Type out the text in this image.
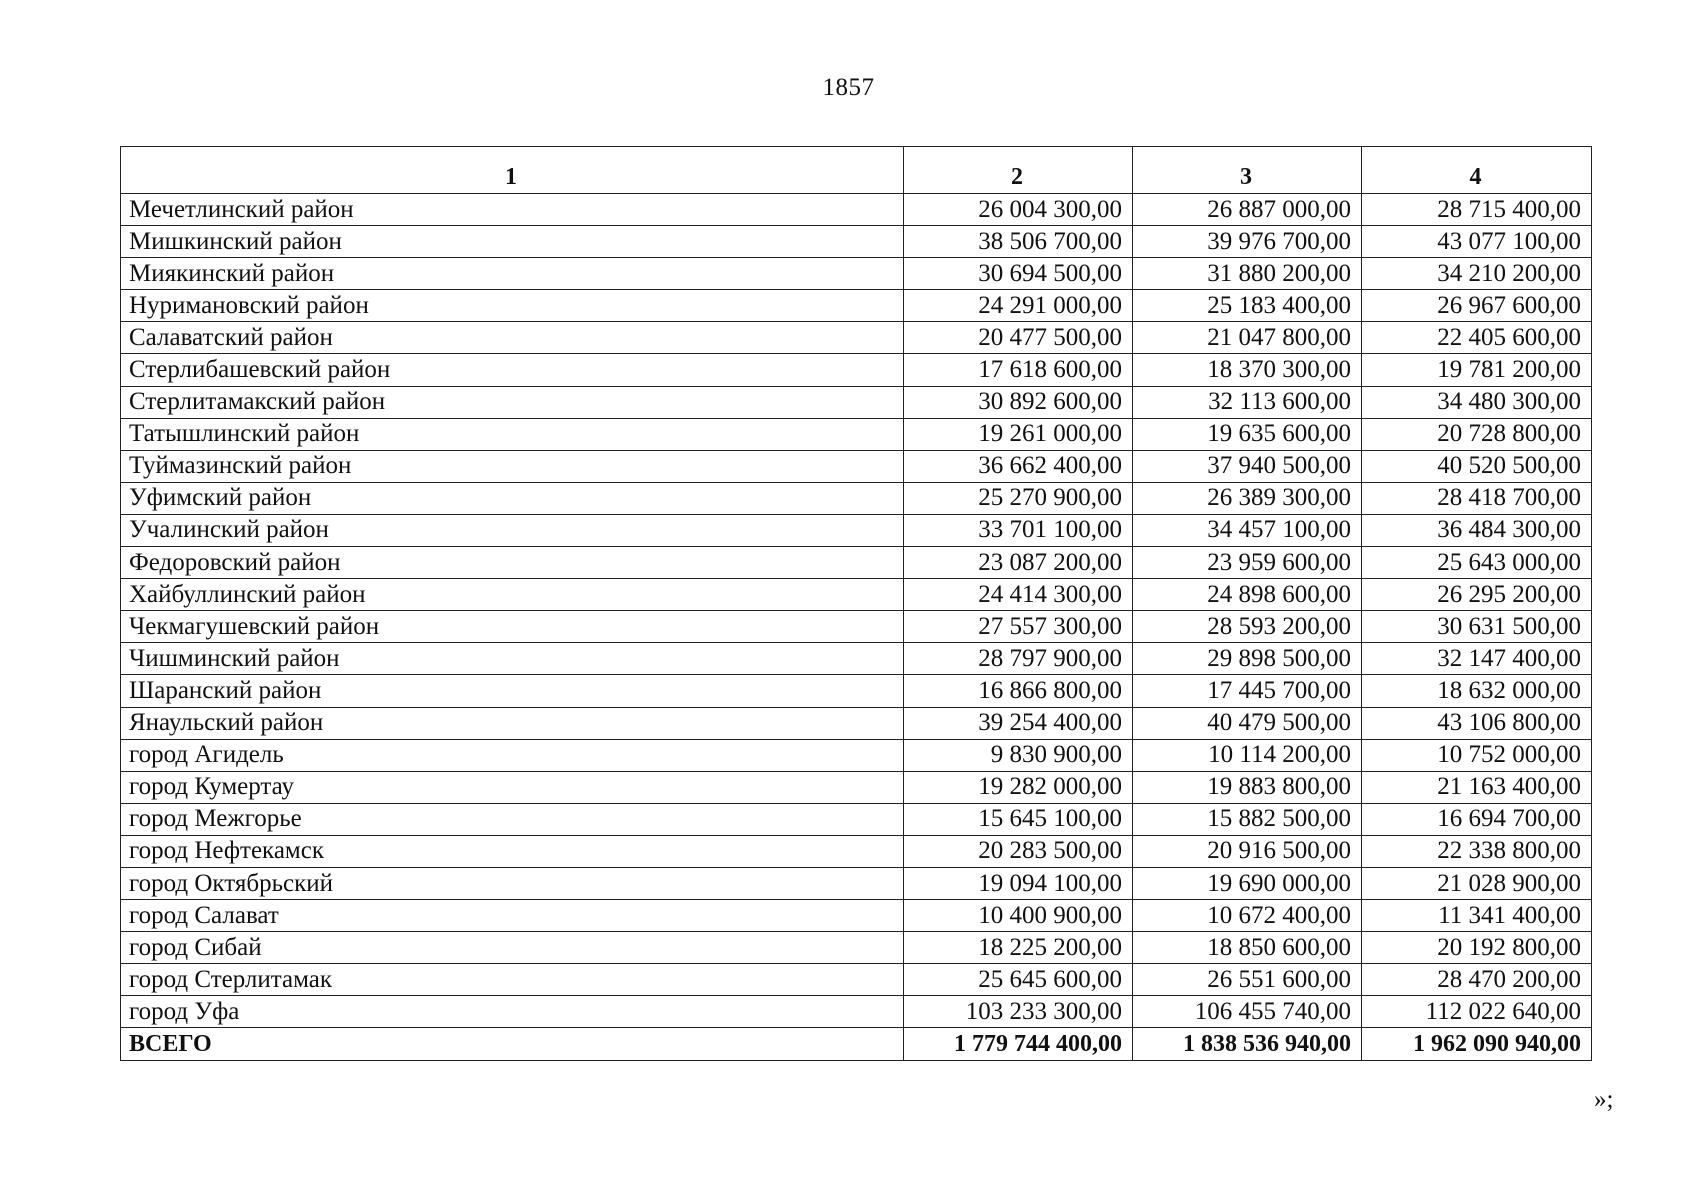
1857
1	2	3	4
Мечетлинский район	26 004 300,00	26 887 000,00	28 715 400,00
Мишкинский район	38 506 700,00	39 976 700,00	43 077 100,00
Миякинский район	30 694 500,00	31 880 200,00	34 210 200,00
Нуримановский район	24 291 000,00	25 183 400,00	26 967 600,00
Салаватский район	20 477 500,00	21 047 800,00	22 405 600,00
Стерлибашевский район	17 618 600,00	18 370 300,00	19 781 200,00
Стерлитамакский район	30 892 600,00	32 113 600,00	34 480 300,00
Татышлинский район	19 261 000,00	19 635 600,00	20 728 800,00
Туймазинский район	36 662 400,00	37 940 500,00	40 520 500,00
Уфимский район	25 270 900,00	26 389 300,00	28 418 700,00
Учалинский район	33 701 100,00	34 457 100,00	36 484 300,00
Федоровский район	23 087 200,00	23 959 600,00	25 643 000,00
Хайбуллинский район	24 414 300,00	24 898 600,00	26 295 200,00
Чекмагушевский район	27 557 300,00	28 593 200,00	30 631 500,00
Чишминский район	28 797 900,00	29 898 500,00	32 147 400,00
Шаранский район	16 866 800,00	17 445 700,00	18 632 000,00
Янаульский район	39 254 400,00	40 479 500,00	43 106 800,00
город Агидель	9 830 900,00	10 114 200,00	10 752 000,00
город Кумертау	19 282 000,00	19 883 800,00	21 163 400,00
город Межгорье	15 645 100,00	15 882 500,00	16 694 700,00
город Нефтекамск	20 283 500,00	20 916 500,00	22 338 800,00
город Октябрьский	19 094 100,00	19 690 000,00	21 028 900,00
город Салават	10 400 900,00	10 672 400,00	11 341 400,00
город Сибай	18 225 200,00	18 850 600,00	20 192 800,00
город Стерлитамак	25 645 600,00	26 551 600,00	28 470 200,00
город Уфа	103 233 300,00	106 455 740,00	112 022 640,00
ВСЕГО	1 779 744 400,00	1 838 536 940,00	1 962 090 940,00
»;
